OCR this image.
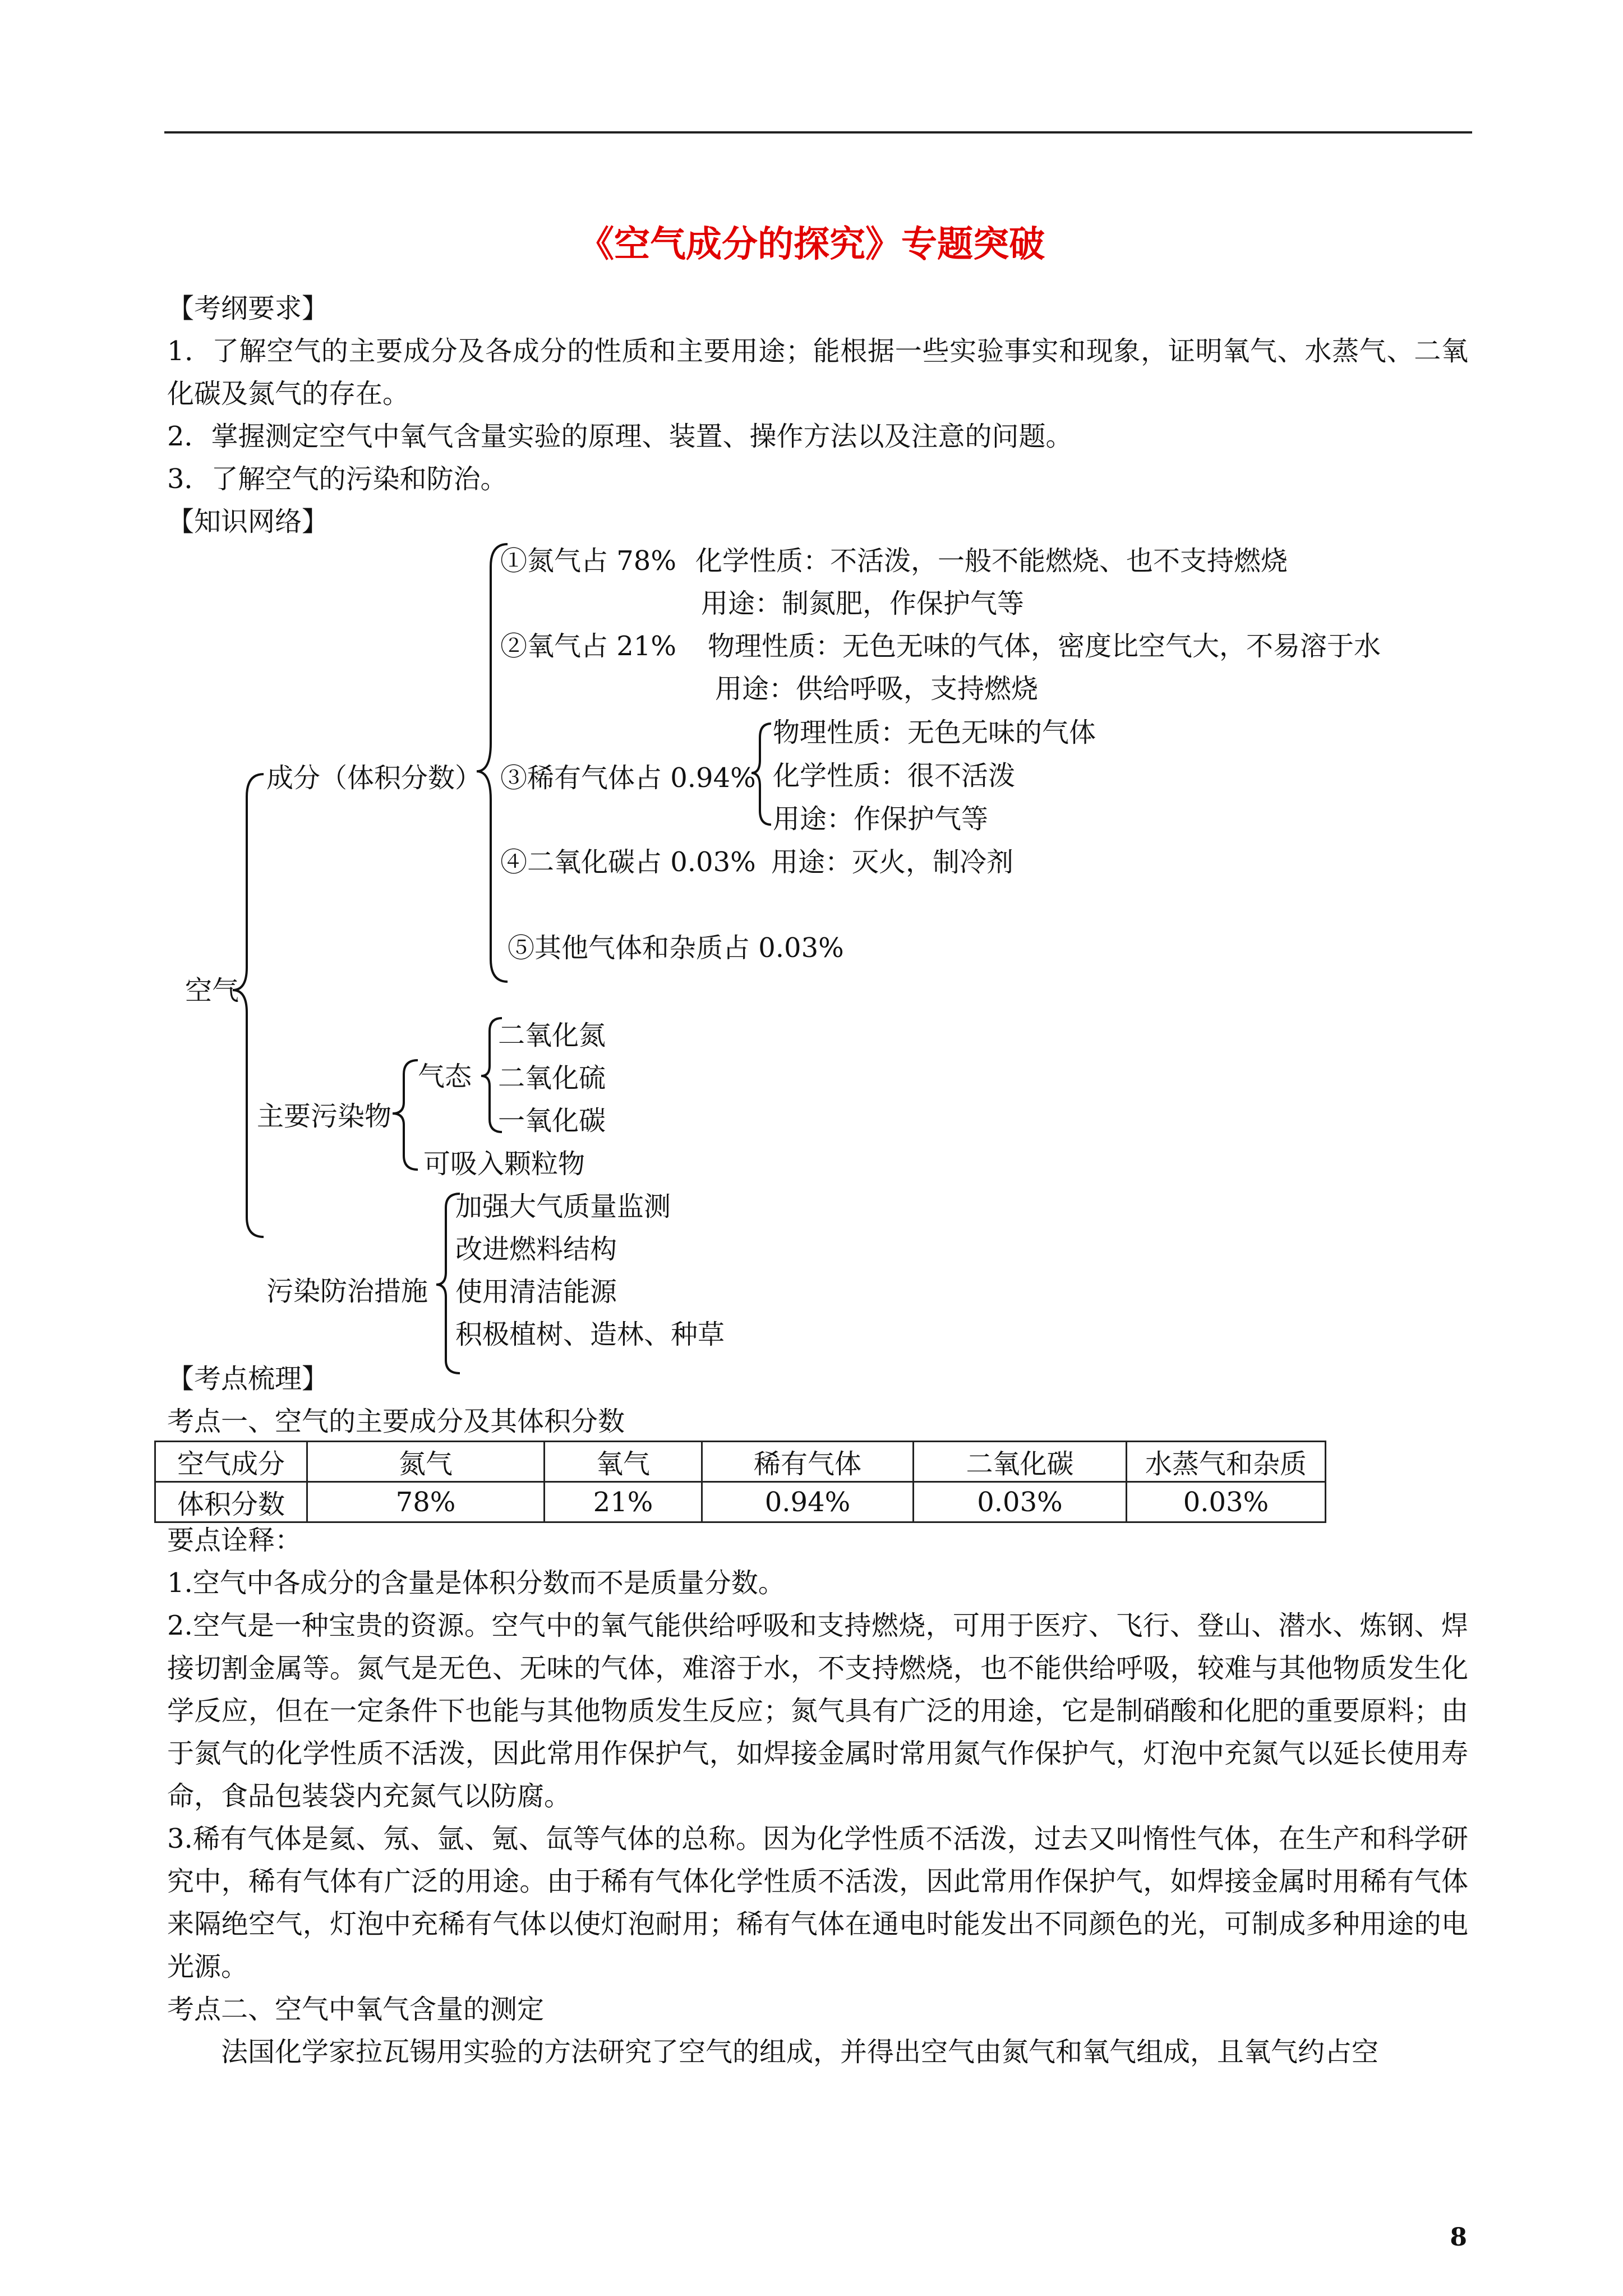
《空气成分的探究》专题突破
【考纲要求】
1．了解空气的主要成分及各成分的性质和主要用途；能根据一些实验事实和现象，证明氧气、水蒸气、二氧化碳及氮气的存在。
2．掌握测定空气中氧气含量实验的原理、装置、操作方法以及注意的问题。
3．了解空气的污染和防治。
【知识网络】
空气
成分（体积分数）
①氮气占 78% 化学性质：不活泼，一般不能燃烧、也不支持燃烧
用途：制氮肥，作保护气等
②氧气占 21% 物理性质：无色无味的气体，密度比空气大，不易溶于水
用途：供给呼吸，支持燃烧
③稀有气体占 0.94%
物理性质：无色无味的气体
化学性质：很不活泼
用途：作保护气等
④二氧化碳占 0.03% 用途：灭火，制冷剂
⑤其他气体和杂质占 0.03%
主要污染物
气态
二氧化氮
二氧化硫
一氧化碳
可吸入颗粒物
污染防治措施
加强大气质量监测
改进燃料结构
使用清洁能源
积极植树、造林、种草
【考点梳理】
考点一、空气的主要成分及其体积分数
空气成分	氮气	氧气	稀有气体	二氧化碳	水蒸气和杂质
体积分数	78%	21%	0.94%	0.03%	0.03%
要点诠释：
1.空气中各成分的含量是体积分数而不是质量分数。
2.空气是一种宝贵的资源。空气中的氧气能供给呼吸和支持燃烧，可用于医疗、飞行、登山、潜水、炼钢、焊接切割金属等。氮气是无色、无味的气体，难溶于水，不支持燃烧，也不能供给呼吸，较难与其他物质发生化学反应，但在一定条件下也能与其他物质发生反应；氮气具有广泛的用途，它是制硝酸和化肥的重要原料；由于氮气的化学性质不活泼，因此常用作保护气，如焊接金属时常用氮气作保护气，灯泡中充氮气以延长使用寿命，食品包装袋内充氮气以防腐。
3.稀有气体是氦、氖、氩、氪、氙等气体的总称。因为化学性质不活泼，过去又叫惰性气体，在生产和科学研究中，稀有气体有广泛的用途。由于稀有气体化学性质不活泼，因此常用作保护气，如焊接金属时用稀有气体来隔绝空气，灯泡中充稀有气体以使灯泡耐用；稀有气体在通电时能发出不同颜色的光，可制成多种用途的电光源。
考点二、空气中氧气含量的测定
法国化学家拉瓦锡用实验的方法研究了空气的组成，并得出空气由氮气和氧气组成，且氧气约占空
8
